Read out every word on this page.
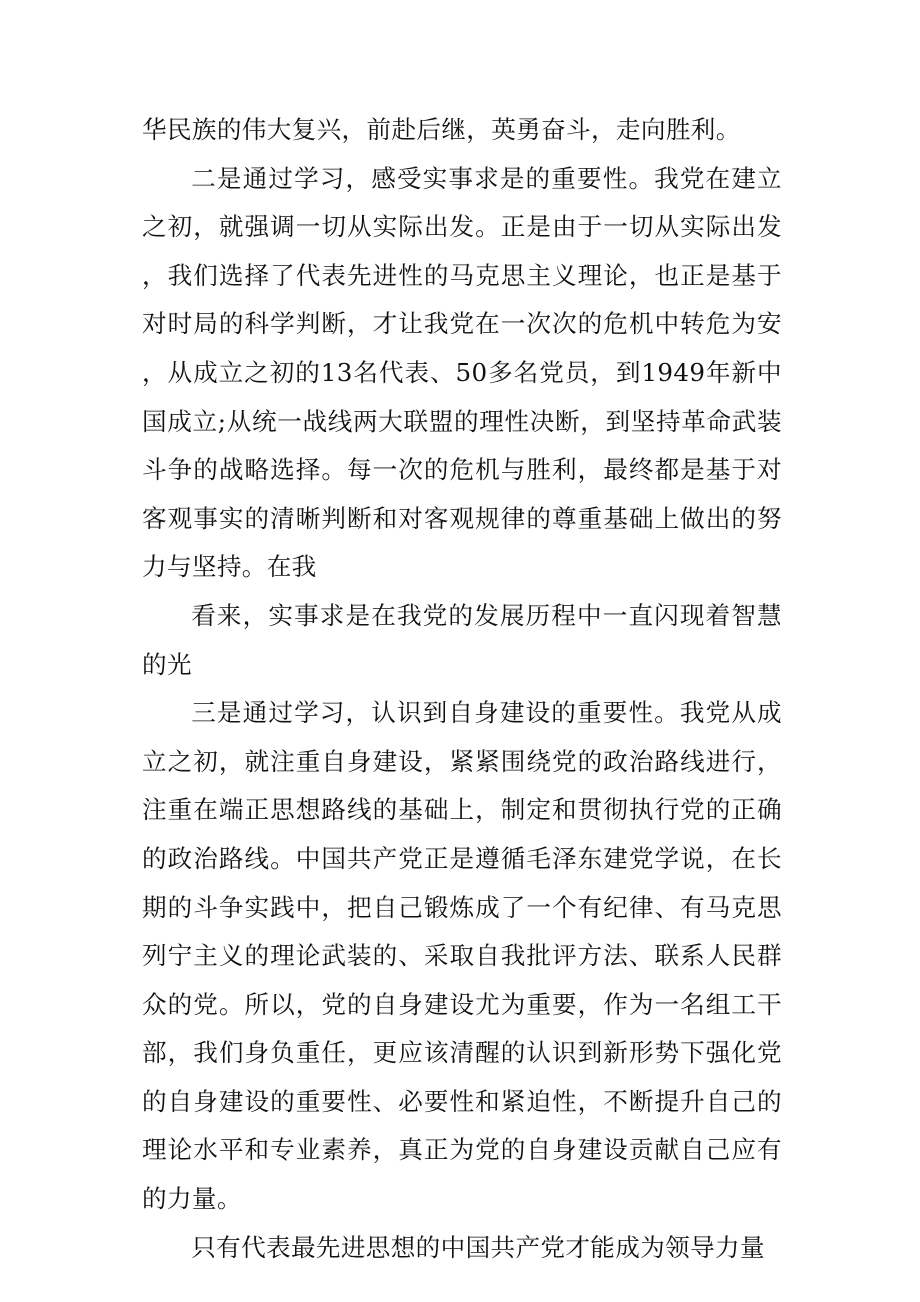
华民族的伟大复兴，前赴后继，英勇奋斗，走向胜利。

二是通过学习，感受实事求是的重要性。我党在建立之初，就强调一切从实际出发。正是由于一切从实际出发，我们选择了代表先进性的马克思主义理论，也正是基于对时局的科学判断，才让我党在一次次的危机中转危为安，从成立之初的13名代表、50多名党员，到1949年新中国成立;从统一战线两大联盟的理性决断，到坚持革命武装斗争的战略选择。每一次的危机与胜利，最终都是基于对客观事实的清晰判断和对客观规律的尊重基础上做出的努力与坚持。在我

看来，实事求是在我党的发展历程中一直闪现着智慧的光

三是通过学习，认识到自身建设的重要性。我党从成立之初，就注重自身建设，紧紧围绕党的政治路线进行，注重在端正思想路线的基础上，制定和贯彻执行党的正确的政治路线。中国共产党正是遵循毛泽东建党学说，在长期的斗争实践中，把自己锻炼成了一个有纪律、有马克思列宁主义的理论武装的、采取自我批评方法、联系人民群众的党。所以，党的自身建设尤为重要，作为一名组工干部，我们身负重任，更应该清醒的认识到新形势下强化党的自身建设的重要性、必要性和紧迫性，不断提升自己的理论水平和专业素养，真正为党的自身建设贡献自己应有的力量。

只有代表最先进思想的中国共产党才能成为领导力量
